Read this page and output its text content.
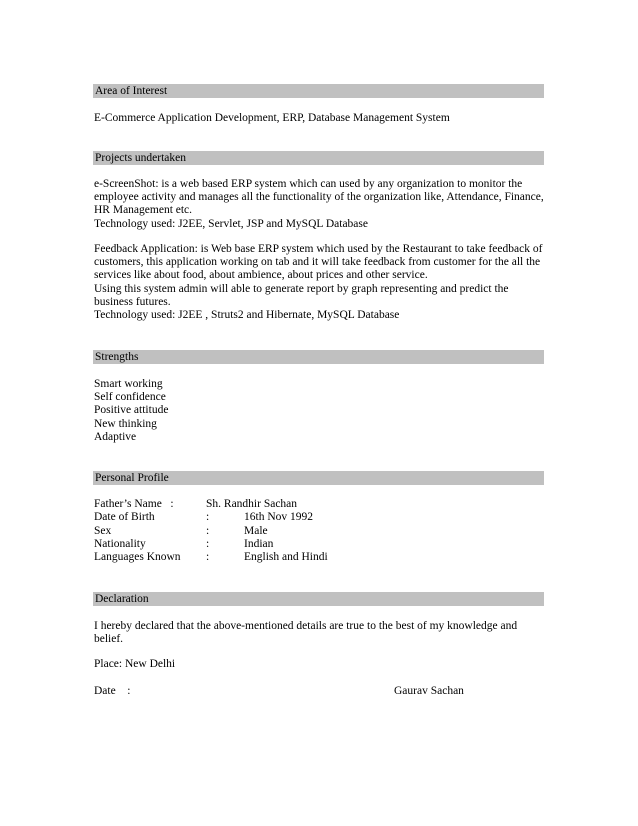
Area of Interest
E-Commerce Application Development, ERP, Database Management System
Projects undertaken

e-ScreenShot: is a web based ERP system which can used by any organization to monitor the

employee activity and manages all the functionality of the organization like, Attendance, Finance,

HR Management etc.

Technology used: J2EE, Servlet, JSP and MySQL Database

Feedback Application: is Web base ERP system which used by the Restaurant to take feedback of

customers, this application working on tab and it will take feedback from customer for the all the

services like about food, about ambience, about prices and other service.

Using this system admin will able to generate report by graph representing and predict the

business futures.

Technology used: J2EE , Struts2 and Hibernate, MySQL Database

Strengths

Smart working

Self confidence

Positive attitude

New thinking

Adaptive

Personal Profile
Father’s Name   :	Sh. Randhir Sachan
Date of Birth	:	16th Nov 1992
Sex	:	Male
Nationality	:	Indian
Languages Known :	English and Hindi
Declaration

I hereby declared that the above-mentioned details are true to the best of my knowledge and

belief.

Place: New Delhi
Date    :	Gaurav Sachan
